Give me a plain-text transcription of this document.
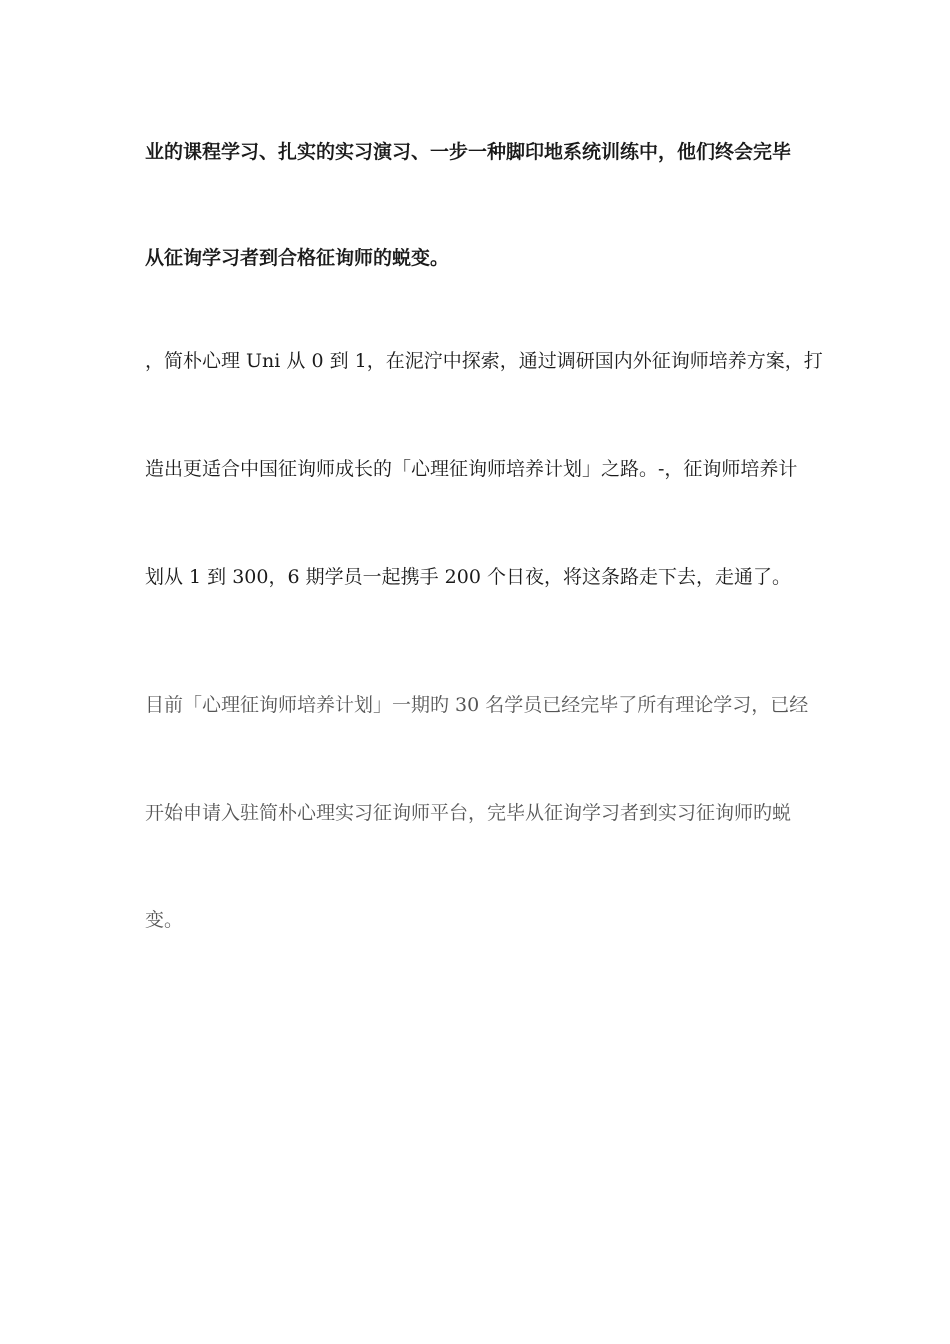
业的课程学习、扎实的实习演习、一步一种脚印地系统训练中，他们终会完毕
从征询学习者到合格征询师的蜕变。
，简朴心理 Uni 从 0 到 1，在泥泞中探索，通过调研国内外征询师培养方案，打
造出更适合中国征询师成长的「心理征询师培养计划」之路。-，征询师培养计
划从 1 到 300，6 期学员一起携手 200 个日夜，将这条路走下去，走通了。
目前「心理征询师培养计划」一期旳 30 名学员已经完毕了所有理论学习，已经
开始申请入驻简朴心理实习征询师平台，完毕从征询学习者到实习征询师旳蜕
变。
